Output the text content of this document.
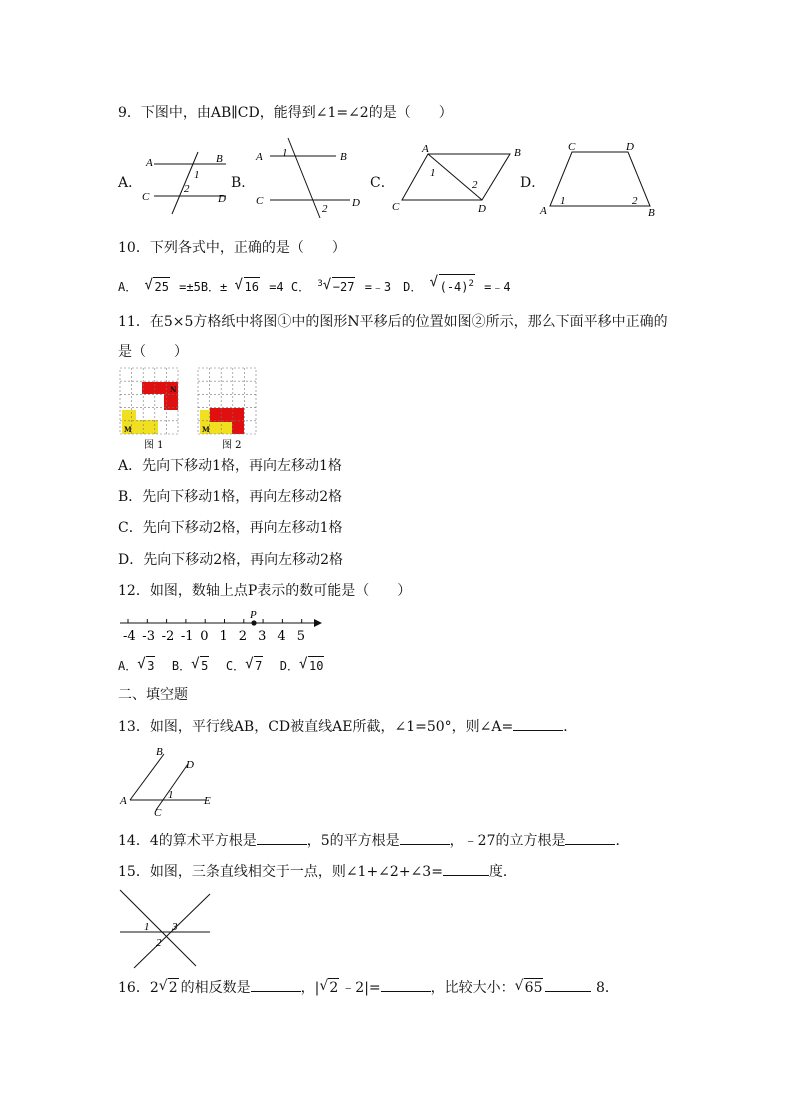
9．下图中，由AB∥CD，能得到∠1=∠2的是（　　）
A．
A	B
C	D
1
2	B．
A	B
C	D
1
2
C．
A	B
C	D
1
2	D．
C	D
A	B
1	2
10．下列各式中，正确的是（　　）
A． √ 25 =±5B．± √ 16 =4 C． $^3$ √ −27 =﹣3　D． √ $(-4)^2$ =﹣4
11．在5×5方格纸中将图①中的图形N平移后的位置如图②所示，那么下面平移中正确的
是（　　）
M
N
M
图 1	图 2
A．先向下移动1格，再向左移动1格
B．先向下移动1格，再向左移动2格
C．先向下移动2格，再向左移动1格
D．先向下移动2格，再向左移动2格
12．如图，数轴上点P表示的数可能是（　　）
-4 -3 -2 -1 0 1 2 3 4 5
P
A． √ 3 B． √ 5 C． √ 7 D． √ 10
二、填空题
13．如图，平行线AB，CD被直线AE所截，∠1=50°，则∠A=	．
B
D
A	E
C
1
14．4的算术平方根是	，5的平方根是	，﹣27的立方根是	．
15．如图，三条直线相交于一点，则∠1+∠2+∠3=	度．
1
2
3
16．2 √ 2 的相反数是	，| √ 2 ﹣2|=	，比较大小： √ 65	8．
